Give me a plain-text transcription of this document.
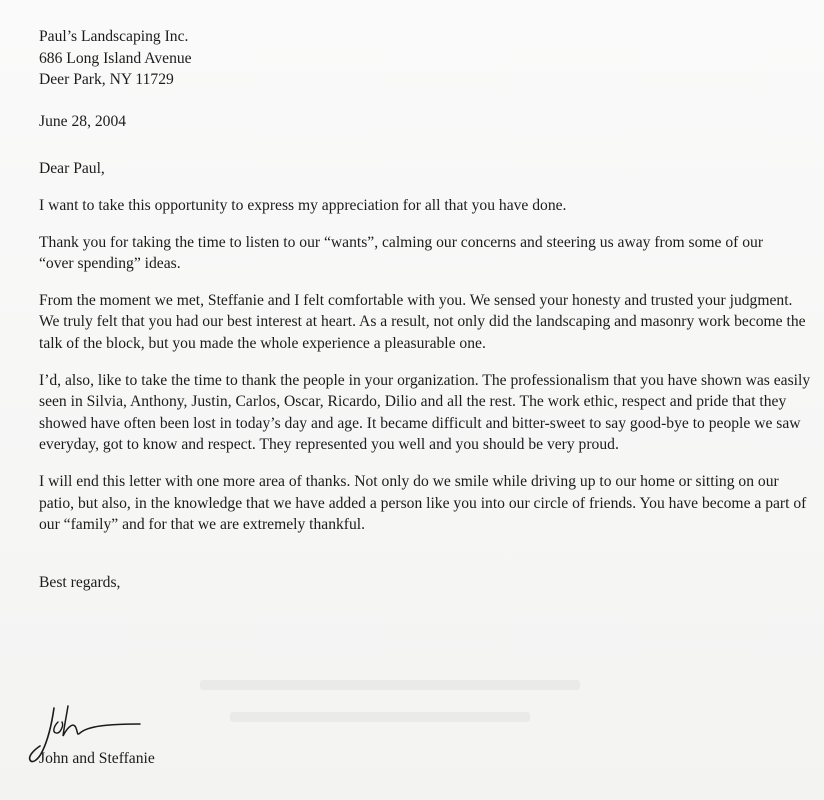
Paul’s Landscaping Inc.
686 Long Island Avenue
Deer Park, NY 11729
June 28, 2004
Dear Paul,
I want to take this opportunity to express my appreciation for all that you have done.
Thank you for taking the time to listen to our “wants”, calming our concerns and steering us away from some of our “over spending” ideas.
From the moment we met, Steffanie and I felt comfortable with you. We sensed your honesty and trusted your judgment. We truly felt that you had our best interest at heart. As a result, not only did the landscaping and masonry work become the talk of the block, but you made the whole experience a pleasurable one.
I’d, also, like to take the time to thank the people in your organization. The professionalism that you have shown was easily seen in Silvia, Anthony, Justin, Carlos, Oscar, Ricardo, Dilio and all the rest. The work ethic, respect and pride that they showed have often been lost in today’s day and age. It became difficult and bitter-sweet to say good-bye to people we saw everyday, got to know and respect. They represented you well and you should be very proud.
I will end this letter with one more area of thanks. Not only do we smile while driving up to our home or sitting on our patio, but also, in the knowledge that we have added a person like you into our circle of friends. You have become a part of our “family” and for that we are extremely thankful.
Best regards,
John and Steffanie
